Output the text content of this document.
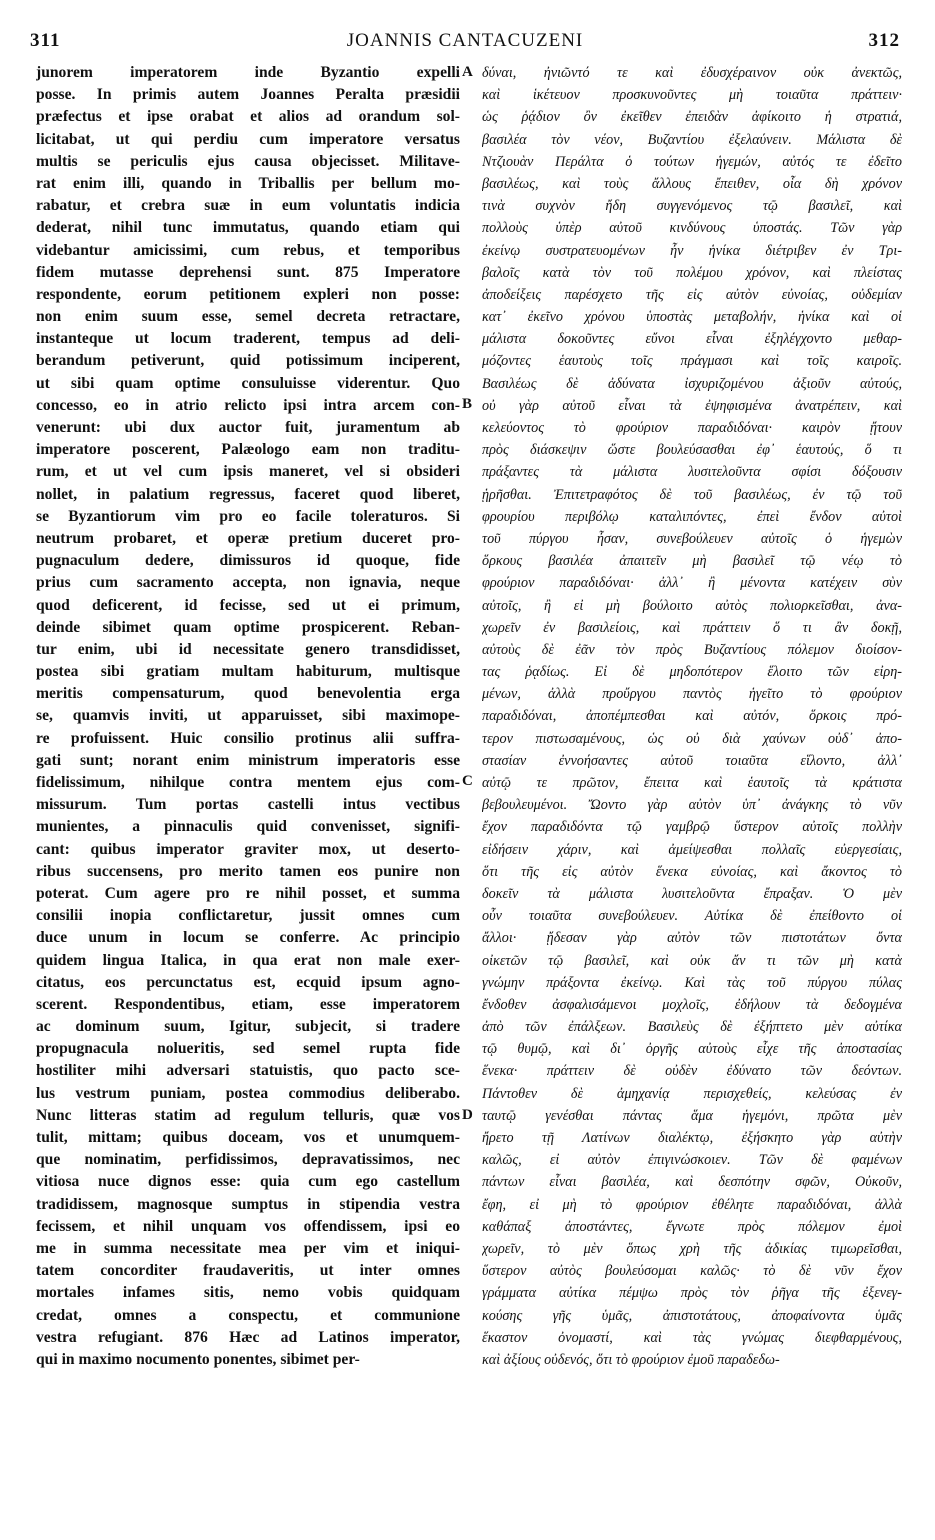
JOANNIS CANTACUZENI
311	312
junorem imperatorem inde Byzantio expelli
posse. In primis autem Joannes Peralta præsidii
præfectus et ipse orabat et alios ad orandum sol-
licitabat, ut qui perdiu cum imperatore versatus
multis se periculis ejus causa objecisset. Militave-
rat enim illi, quando in Triballis per bellum mo-
rabatur, et crebra suæ in eum voluntatis indicia
dederat, nihil tunc immutatus, quando etiam qui
videbantur amicissimi, cum rebus, et temporibus
fidem mutasse deprehensi sunt. 875 Imperatore
respondente, eorum petitionem expleri non posse:
non enim suum esse, semel decreta retractare,
instanteque ut locum traderent, tempus ad deli-
berandum petiverunt, quid potissimum inciperent,
ut sibi quam optime consuluisse viderentur. Quo
concesso, eo in atrio relicto ipsi intra arcem con-
venerunt: ubi dux auctor fuit, juramentum ab
imperatore poscerent, Palæologo eam non traditu-
rum, et ut vel cum ipsis maneret, vel si obsideri
nollet, in palatium regressus, faceret quod liberet,
se Byzantiorum vim pro eo facile toleraturos. Si
neutrum probaret, et operæ pretium duceret pro-
pugnaculum dedere, dimissuros id quoque, fide
prius cum sacramento accepta, non ignavia, neque
quod deficerent, id fecisse, sed ut ei primum,
deinde sibimet quam optime prospicerent. Reban-
tur enim, ubi id necessitate genero transdidisset,
postea sibi gratiam multam habiturum, multisque
meritis compensaturum, quod benevolentia erga
se, quamvis inviti, ut apparuisset, sibi maximope-
re profuissent. Huic consilio protinus alii suffra-
gati sunt; norant enim ministrum imperatoris esse
fidelissimum, nihilque contra mentem ejus com-
missurum. Tum portas castelli intus vectibus
munientes, a pinnaculis quid convenisset, signifi-
cant: quibus imperator graviter mox, ut deserto-
ribus succensens, pro merito tamen eos punire non
poterat. Cum agere pro re nihil posset, et summa
consilii inopia conflictaretur, jussit omnes cum
duce unum in locum se conferre. Ac principio
quidem lingua Italica, in qua erat non male exer-
citatus, eos percunctatus est, ecquid ipsum agno-
scerent. Respondentibus, etiam, esse imperatorem
ac dominum suum, Igitur, subjecit, si tradere
propugnacula nolueritis, sed semel rupta fide
hostiliter mihi adversari statuistis, quo pacto sce-
lus vestrum puniam, postea commodius deliberabo.
Nunc litteras statim ad regulum telluris, quæ vos
tulit, mittam; quibus doceam, vos et unumquem-
que nominatim, perfidissimos, depravatissimos, nec
vitiosa nuce dignos esse: quia cum ego castellum
tradidissem, magnosque sumptus in stipendia vestra
fecissem, et nihil unquam vos offendissem, ipsi eo
me in summa necessitate mea per vim et iniqui-
tatem concorditer fraudaveritis, ut inter omnes
mortales infames sitis, nemo vobis quidquam
credat, omnes a conspectu, et communione
vestra refugiant. 876 Hæc ad Latinos imperator,
qui in maximo nocumento ponentes, sibimet per-
δύναι, ἠνιῶντό τε καὶ ἐδυσχέραινον οὐκ ἀνεκτῶς,
καὶ ἱκέτευον προσκυνοῦντες μὴ τοιαῦτα πράττειν·
ὡς ῥᾴδιον ὂν ἐκεῖθεν ἐπειδὰν ἀφίκοιτο ἡ στρατιά,
βασιλέα τὸν νέον, Βυζαντίου ἐξελαύνειν. Μάλιστα δὲ
Ντζιουὰν Περάλτα ὁ τούτων ἡγεμών, αὐτός τε ἐδεῖτο
βασιλέως, καὶ τοὺς ἄλλους ἔπειθεν, οἷα δὴ χρόνον
τινὰ συχνὸν ἤδη συγγενόμενος τῷ βασιλεῖ, καὶ
πολλοὺς ὑπὲρ αὐτοῦ κινδύνους ὑποστάς. Τῶν γὰρ
ἐκείνῳ συστρατευομένων ἦν ἡνίκα διέτριβεν ἐν Τρι-
βαλοῖς κατὰ τὸν τοῦ πολέμου χρόνον, καὶ πλείστας
ἀποδείξεις παρέσχετο τῆς εἰς αὐτὸν εὐνοίας, οὐδεμίαν
κατ᾿ ἐκεῖνο χρόνου ὑποστὰς μεταβολήν, ἡνίκα καὶ οἱ
μάλιστα δοκοῦντες εὔνοι εἶναι ἐξηλέγχοντο μεθαρ-
μόζοντες ἑαυτοὺς τοῖς πράγμασι καὶ τοῖς καιροῖς.
Βασιλέως δὲ ἀδύνατα ἰσχυριζομένου ἀξιοῦν αὐτούς,
οὐ γὰρ αὐτοῦ εἶναι τὰ ἐψηφισμένα ἀνατρέπειν, καὶ
κελεύοντος τὸ φρούριον παραδιδόναι· καιρὸν ᾔτουν
πρὸς διάσκεψιν ὥστε βουλεύσασθαι ἐφ᾿ ἑαυτούς, ὅ τι
πράξαντες τὰ μάλιστα λυσιτελοῦντα σφίσι δόξουσιν
ᾑρῆσθαι. Ἐπιτετραφότος δὲ τοῦ βασιλέως, ἐν τῷ τοῦ
φρουρίου περιβόλῳ καταλιπόντες, ἐπεὶ ἔνδον αὐτοὶ
τοῦ πύργου ἦσαν, συνεβούλευεν αὐτοῖς ὁ ἡγεμὼν
ὅρκους βασιλέα ἀπαιτεῖν μὴ βασιλεῖ τῷ νέῳ τὸ
φρούριον παραδιδόναι· ἀλλ᾿ ἢ μένοντα κατέχειν σὺν
αὐτοῖς, ἢ εἰ μὴ βούλοιτο αὐτὸς πολιορκεῖσθαι, ἀνα-
χωρεῖν ἐν βασιλείοις, καὶ πράττειν ὅ τι ἂν δοκῇ,
αὐτοὺς δὲ ἐᾶν τὸν πρὸς Βυζαντίους πόλεμον διοίσον-
τας ῥᾳδίως. Εἰ δὲ μηδοπότερον ἕλοιτο τῶν εἰρη-
μένων, ἀλλὰ προὔργου παντὸς ἡγεῖτο τὸ φρούριον
παραδιδόναι, ἀποπέμπεσθαι καὶ αὐτόν, ὅρκοις πρό-
τερον πιστωσαμένους, ὡς οὐ διὰ χαύνων οὐδ᾿ ἀπο-
στασίαν ἐννοήσαντες αὐτοῦ τοιαῦτα εἵλοντο, ἀλλ᾿
αὐτῷ τε πρῶτον, ἔπειτα καὶ ἑαυτοῖς τὰ κράτιστα
βεβουλευμένοι. Ὤοντο γὰρ αὐτὸν ὑπ᾿ ἀνάγκης τὸ νῦν
ἔχον παραδιδόντα τῷ γαμβρῷ ὕστερον αὐτοῖς πολλὴν
εἰδήσειν χάριν, καὶ ἀμείψεσθαι πολλαῖς εὐεργεσίαις,
ὅτι τῆς εἰς αὐτὸν ἕνεκα εὐνοίας, καὶ ἄκοντος τὸ
δοκεῖν τὰ μάλιστα λυσιτελοῦντα ἔπραξαν. Ὁ μὲν
οὖν τοιαῦτα συνεβούλευεν. Αὐτίκα δὲ ἐπείθοντο οἱ
ἄλλοι· ᾔδεσαν γὰρ αὐτὸν τῶν πιστοτάτων ὄντα
οἰκετῶν τῷ βασιλεῖ, καὶ οὐκ ἄν τι τῶν μὴ κατὰ
γνώμην πράξοντα ἐκείνῳ. Καὶ τὰς τοῦ πύργου πύλας
ἔνδοθεν ἀσφαλισάμενοι μοχλοῖς, ἐδήλουν τὰ δεδογμένα
ἀπὸ τῶν ἐπάλξεων. Βασιλεὺς δὲ ἐξήπτετο μὲν αὐτίκα
τῷ θυμῷ, καὶ δι᾿ ὀργῆς αὐτοὺς εἶχε τῆς ἀποστασίας
ἕνεκα· πράττειν δὲ οὐδὲν ἐδύνατο τῶν δεόντων.
Πάντοθεν δὲ ἀμηχανίᾳ περισχεθείς, κελεύσας ἐν
ταυτῷ γενέσθαι πάντας ἅμα ἡγεμόνι, πρῶτα μὲν
ἤρετο τῇ Λατίνων διαλέκτῳ, ἐξήσκητο γὰρ αὐτὴν
καλῶς, εἰ αὐτὸν ἐπιγινώσκοιεν. Τῶν δὲ φαμένων
πάντων εἶναι βασιλέα, καὶ δεσπότην σφῶν, Οὐκοῦν,
ἔφη, εἰ μὴ τὸ φρούριον ἐθέλητε παραδιδόναι, ἀλλὰ
καθάπαξ ἀποστάντες, ἔγνωτε πρὸς πόλεμον ἐμοὶ
χωρεῖν, τὸ μὲν ὅπως χρὴ τῆς ἀδικίας τιμωρεῖσθαι,
ὕστερον αὐτὸς βουλεύσομαι καλῶς· τὸ δὲ νῦν ἔχον
γράμματα αὐτίκα πέμψω πρὸς τὸν ῥῆγα τῆς ἐξενεγ-
κούσης γῆς ὑμᾶς, ἀπιστοτάτους, ἀποφαίνοντα ὑμᾶς
ἕκαστον ὀνομαστί, καὶ τὰς γνώμας διεφθαρμένους,
καὶ ἀξίους οὐδενός, ὅτι τὸ φρούριον ἐμοῦ παραδεδω-
A
B
C
D
